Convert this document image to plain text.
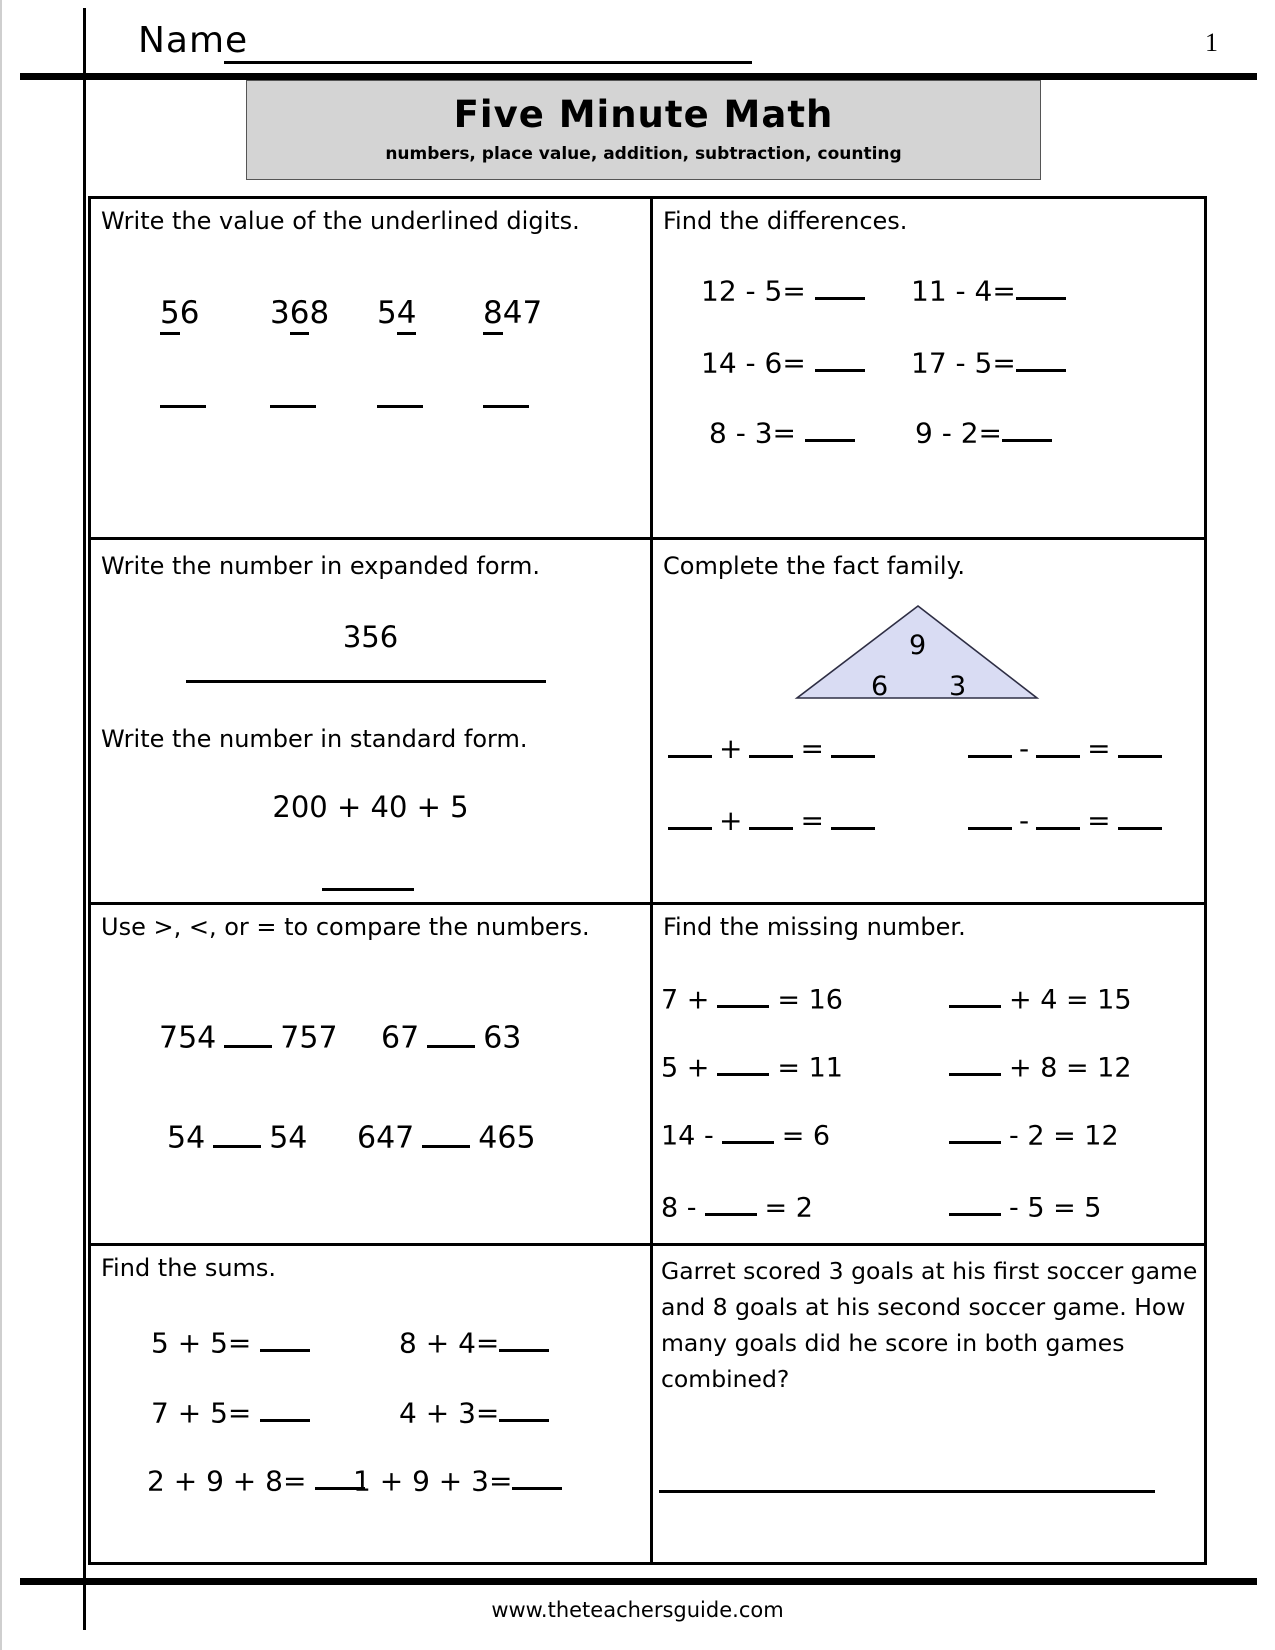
Name	1
Five Minute Math
numbers, place value, addition, subtraction, counting
Write the value of the underlined digits.
56 368 54 847
Find the differences.
12 - 5=	11 - 4=
14 - 6=	17 - 5=
8 - 3=	9 - 2=
Write the number in expanded form.
356
Write the number in standard form.
200 + 40 + 5
Complete the fact family.
9
6 3
+ =	- =
+ =	- =
Use >, <, or = to compare the numbers.
754 757 67 63
54 54 647 465
Find the missing number.
7 +	= 16	+ 4 = 15
5 +	= 11	+ 8 = 12
14 -	= 6	- 2 = 12
8 -	= 2	- 5 = 5
Find the sums.
5 + 5=	8 + 4=
7 + 5=	4 + 3=
2 + 9 + 8=	1 + 9 + 3=
Garret scored 3 goals at his first soccer game and 8 goals at his second soccer game. How many goals did he score in both games combined?
www.theteachersguide.com
